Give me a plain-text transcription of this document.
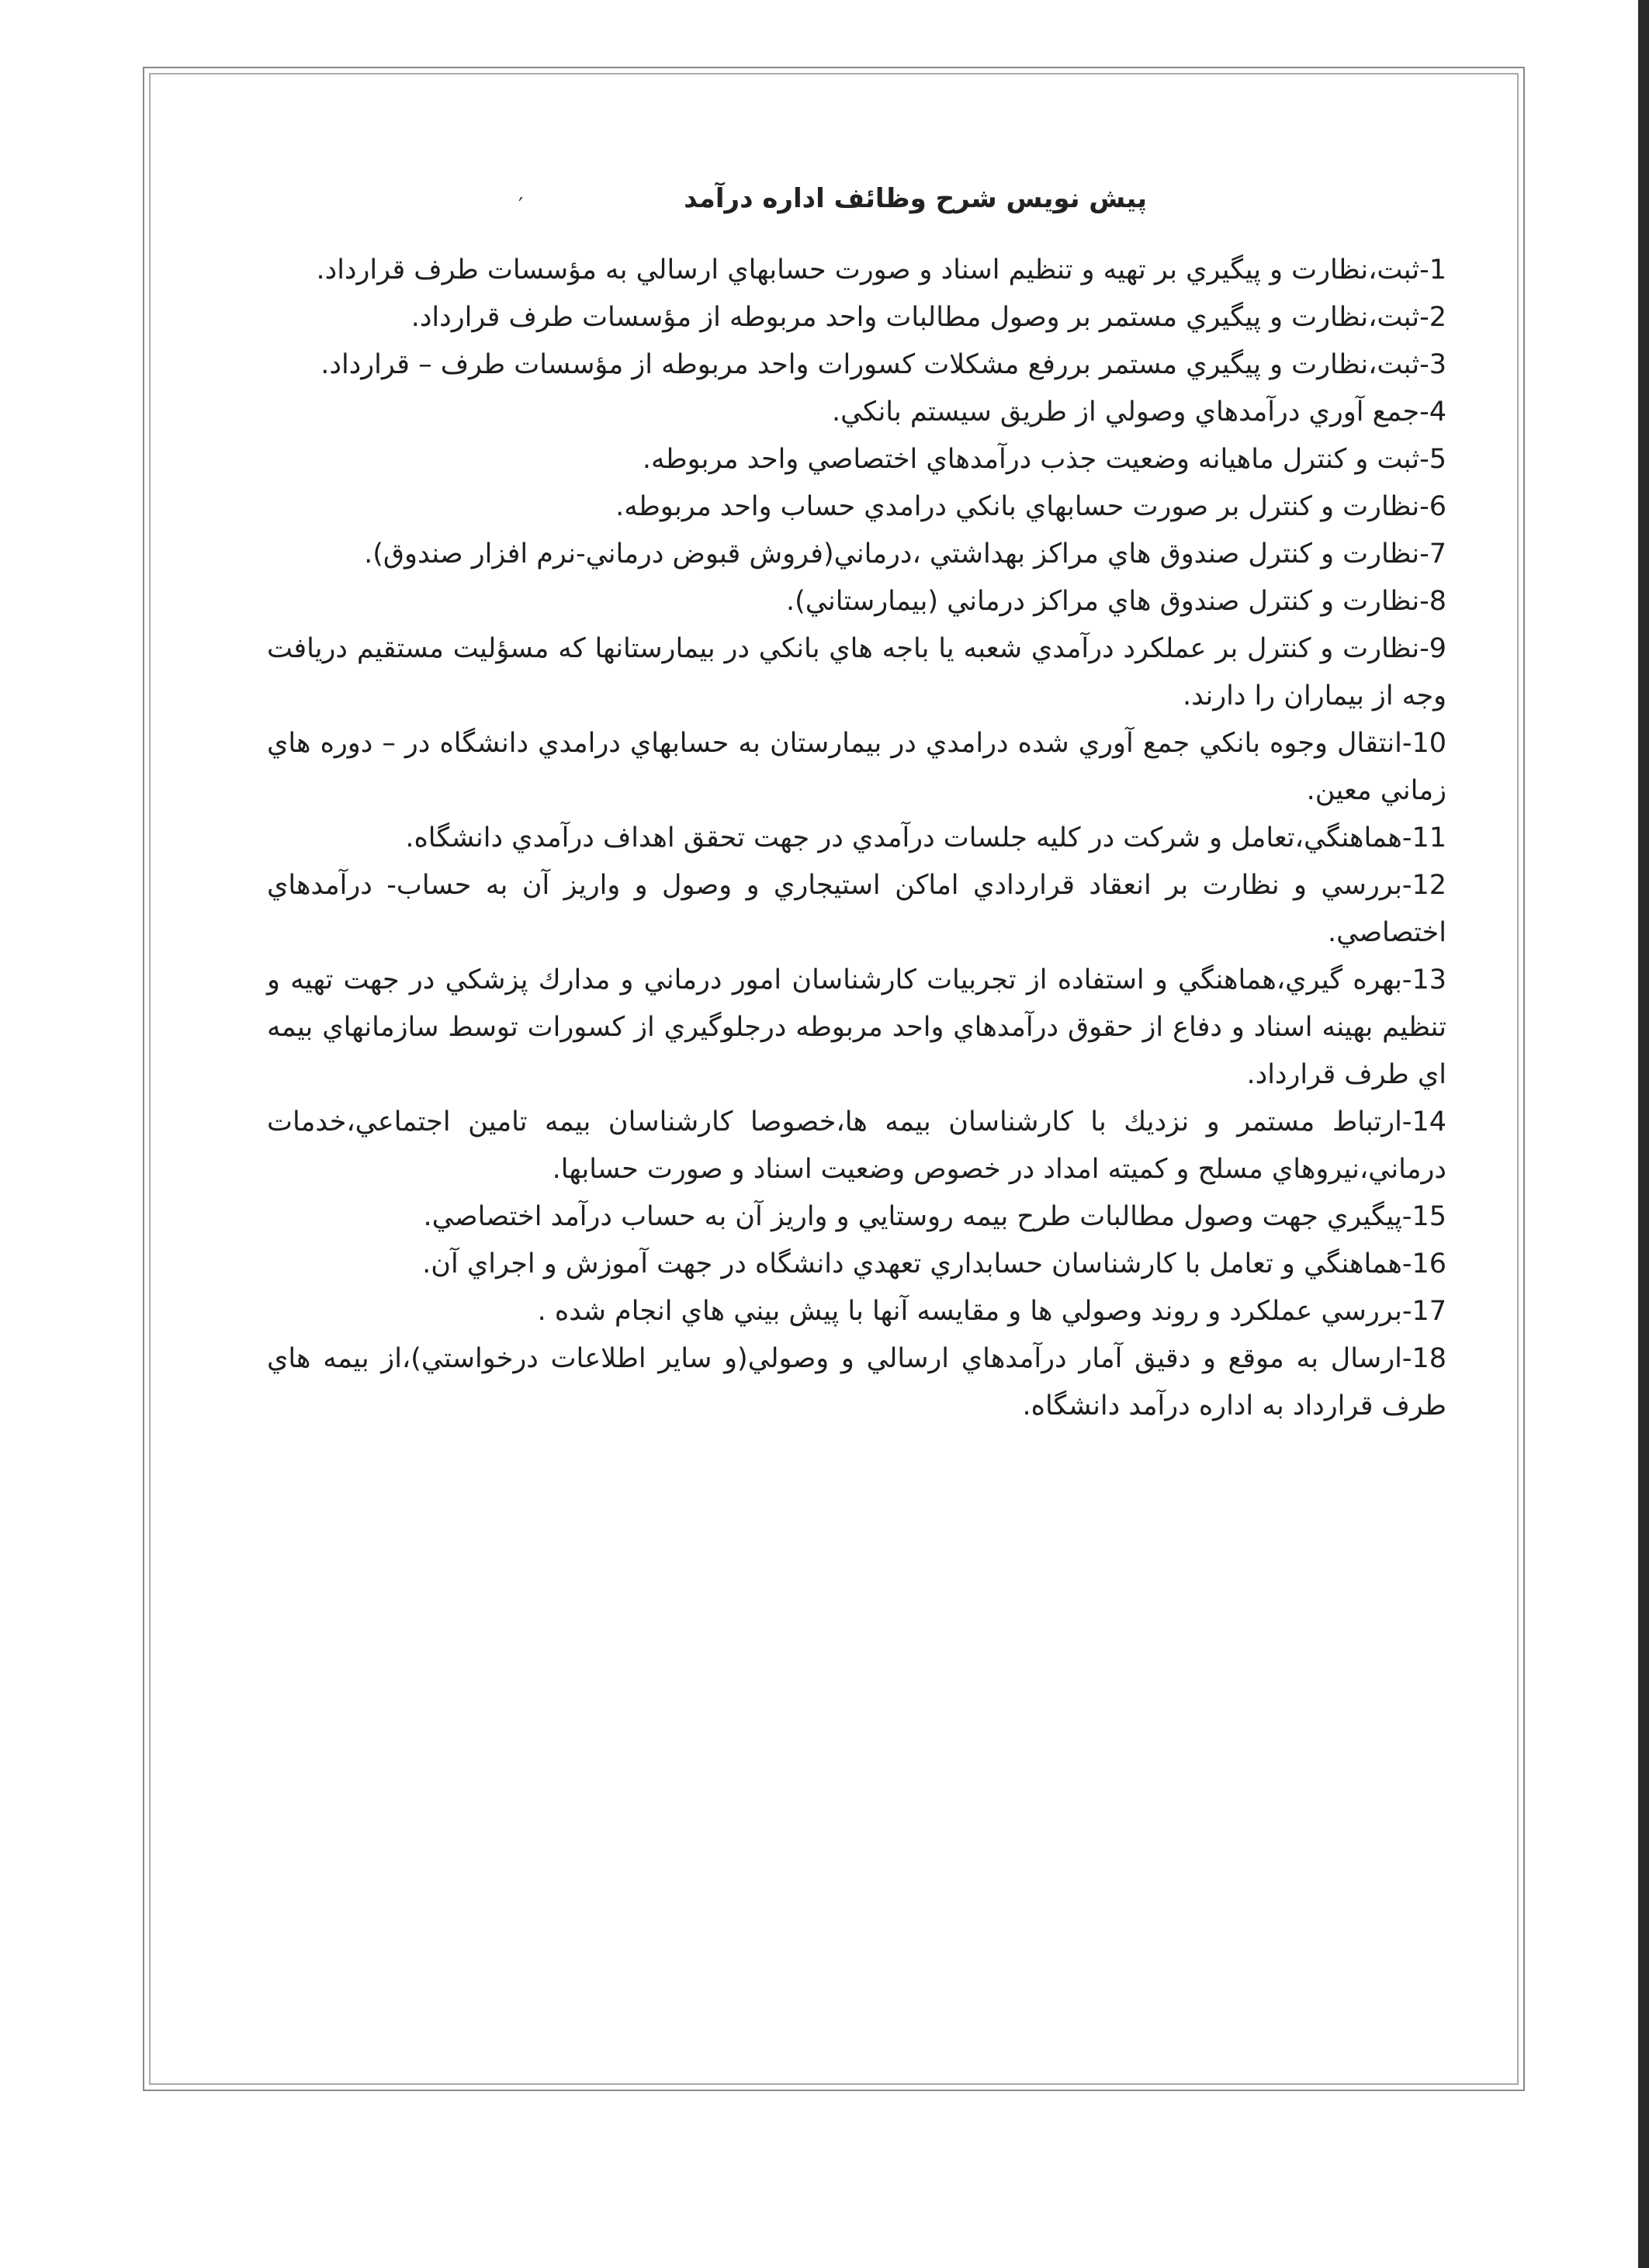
′	پیش نویس شرح وظائف اداره درآمد
1-ثبت،نظارت و پيگيري بر تهيه و تنظيم اسناد و صورت حسابهاي ارسالي به مؤسسات طرف قرارداد.
2-ثبت،نظارت و پيگيري مستمر بر وصول مطالبات واحد مربوطه از مؤسسات طرف قرارداد.
3-ثبت،نظارت و پيگيري مستمر بررفع مشكلات كسورات واحد مربوطه از مؤسسات طرف – قرارداد.
4-جمع آوري درآمدهاي وصولي از طريق سيستم بانكي.
5-ثبت و كنترل ماهيانه وضعيت جذب درآمدهاي اختصاصي واحد مربوطه.
6-نظارت و كنترل بر صورت حسابهاي بانكي درامدي حساب واحد مربوطه.
7-نظارت و كنترل صندوق هاي مراكز بهداشتي ،درماني(فروش قبوض درماني-نرم افزار صندوق).
8-نظارت و كنترل صندوق هاي مراكز درماني (بيمارستاني).
9-نظارت و كنترل بر عملكرد درآمدي شعبه يا باجه هاي بانكي در بيمارستانها كه مسؤليت مستقيم دريافت وجه از بيماران را دارند.
10-انتقال وجوه بانكي جمع آوري شده درامدي در بيمارستان به حسابهاي درامدي دانشگاه در – دوره هاي زماني معين.
11-هماهنگي،تعامل و شركت در كليه جلسات درآمدي در جهت تحقق اهداف درآمدي دانشگاه.
12-بررسي و نظارت بر انعقاد قراردادي اماكن استيجاري و وصول و واريز آن به حساب- درآمدهاي اختصاصي.
13-بهره گيري،هماهنگي و استفاده از تجربيات كارشناسان امور درماني و مدارك پزشكي در جهت تهيه و تنظيم بهينه اسناد و دفاع از حقوق درآمدهاي واحد مربوطه درجلوگيري از كسورات توسط سازمانهاي بيمه اي طرف قرارداد.
14-ارتباط مستمر و نزديك با كارشناسان بيمه ها،خصوصا كارشناسان بيمه تامين اجتماعي،خدمات درماني،نيروهاي مسلح و كميته امداد در خصوص وضعيت اسناد و صورت حسابها.
15-پيگيري جهت وصول مطالبات طرح بيمه روستايي و واريز آن به حساب درآمد اختصاصي.
16-هماهنگي و تعامل با كارشناسان حسابداري تعهدي دانشگاه در جهت آموزش و اجراي آن.
17-بررسي عملكرد و روند وصولي ها و مقايسه آنها با پيش بيني هاي انجام شده .
18-ارسال به موقع و دقيق آمار درآمدهاي ارسالي و وصولي(و ساير اطلاعات درخواستي)،از بيمه هاي طرف قرارداد به اداره درآمد دانشگاه.
